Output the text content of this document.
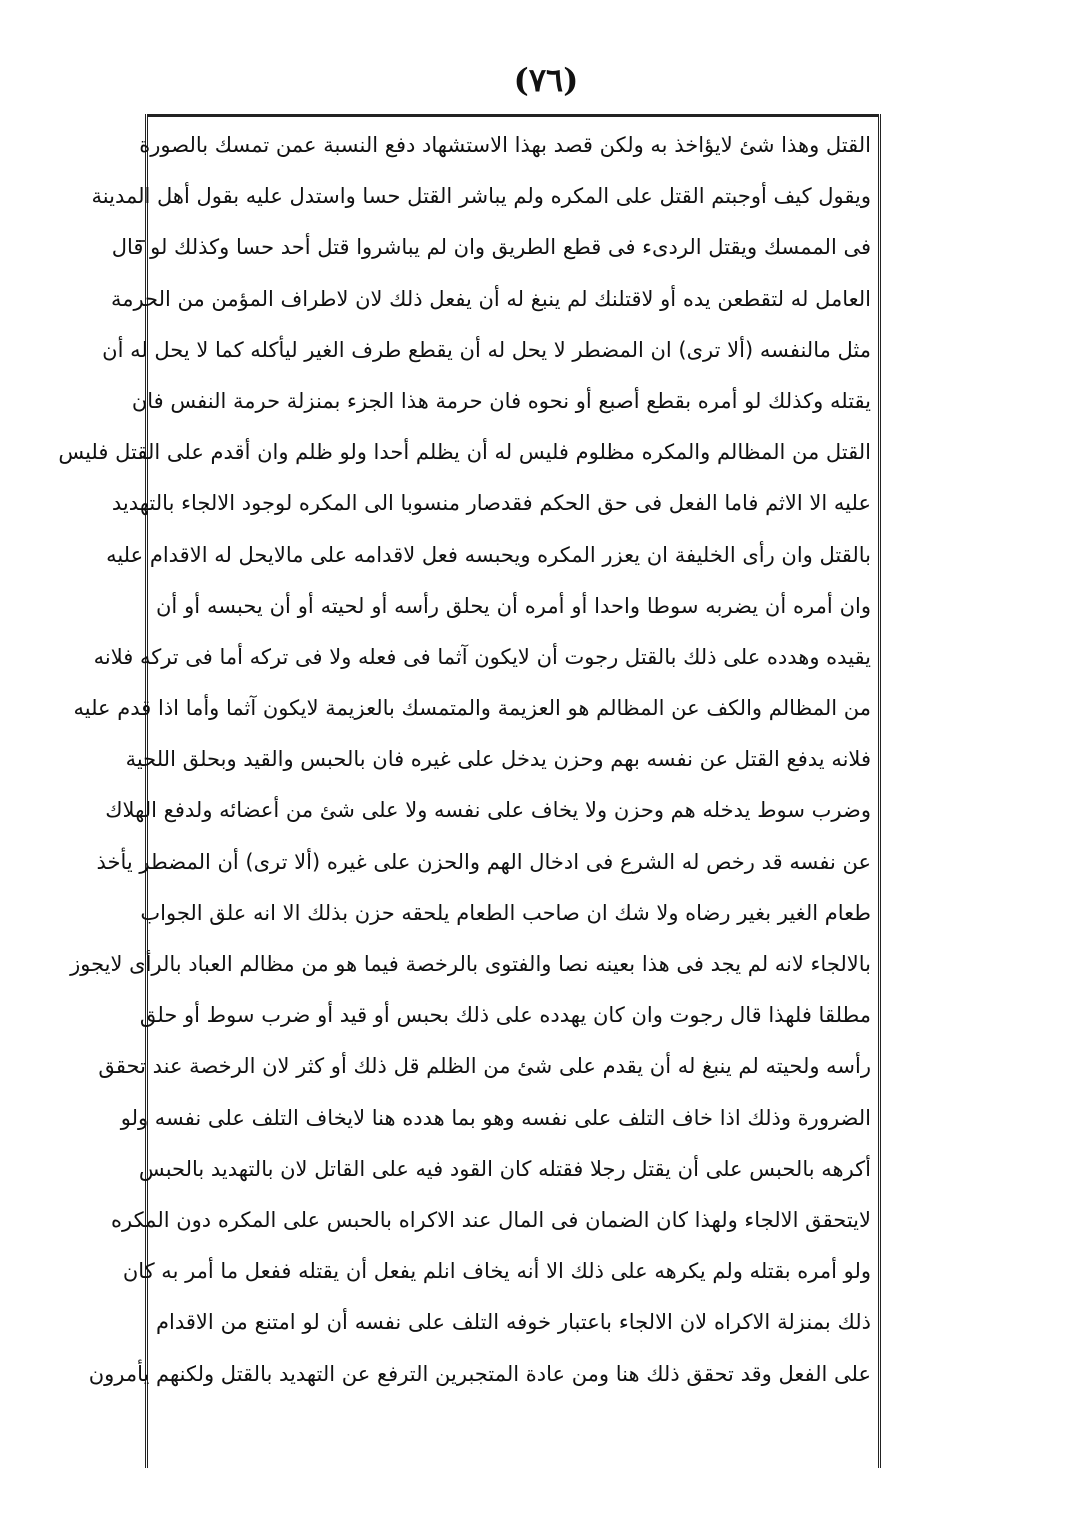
(٧٦)
القتل وهذا شئ لايؤاخذ به ولكن قصد بهذا الاستشهاد دفع النسبة عمن تمسك بالصورة
ويقول كيف أوجبتم القتل على المكره ولم يباشر القتل حسا واستدل عليه بقول أهل المدينة
فى الممسك ويقتل الردىء فى قطع الطريق وان لم يباشروا قتل أحد حسا وكذلك لو قال
العامل له لتقطعن يده أو لاقتلنك لم ينبغ له أن يفعل ذلك لان لاطراف المؤمن من الحرمة
مثل مالنفسه (ألا ترى) ان المضطر لا يحل له أن يقطع طرف الغير ليأكله كما لا يحل له أن
يقتله وكذلك لو أمره بقطع أصبع أو نحوه فان حرمة هذا الجزء بمنزلة حرمة النفس فان
القتل من المظالم والمكره مظلوم فليس له أن يظلم أحدا ولو ظلم وان أقدم على القتل فليس
عليه الا الاثم فاما الفعل فى حق الحكم فقدصار منسوبا الى المكره لوجود الالجاء بالتهديد
بالقتل وان رأى الخليفة ان يعزر المكره ويحبسه فعل لاقدامه على مالايحل له الاقدام عليه
وان أمره أن يضربه سوطا واحدا أو أمره أن يحلق رأسه أو لحيته أو أن يحبسه أو أن
يقيده وهدده على ذلك بالقتل رجوت أن لايكون آثما فى فعله ولا فى تركه أما فى تركه فلانه
من المظالم والكف عن المظالم هو العزيمة والمتمسك بالعزيمة لايكون آثما وأما اذا قدم عليه
فلانه يدفع القتل عن نفسه بهم وحزن يدخل على غيره فان بالحبس والقيد وبحلق اللحية
وضرب سوط يدخله هم وحزن ولا يخاف على نفسه ولا على شئ من أعضائه ولدفع الهلاك
عن نفسه قد رخص له الشرع فى ادخال الهم والحزن على غيره (ألا ترى) أن المضطر يأخذ
طعام الغير بغير رضاه ولا شك ان صاحب الطعام يلحقه حزن بذلك الا انه علق الجواب
بالالجاء لانه لم يجد فى هذا بعينه نصا والفتوى بالرخصة فيما هو من مظالم العباد بالرأى لايجوز
مطلقا فلهذا قال رجوت وان كان يهدده على ذلك بحبس أو قيد أو ضرب سوط أو حلق
رأسه ولحيته لم ينبغ له أن يقدم على شئ من الظلم قل ذلك أو كثر لان الرخصة عند تحقق
الضرورة وذلك اذا خاف التلف على نفسه وهو بما هدده هنا لايخاف التلف على نفسه ولو
أكرهه بالحبس على أن يقتل رجلا فقتله كان القود فيه على القاتل لان بالتهديد بالحبس
لايتحقق الالجاء ولهذا كان الضمان فى المال عند الاكراه بالحبس على المكره دون المكره
ولو أمره بقتله ولم يكرهه على ذلك الا أنه يخاف انلم يفعل أن يقتله ففعل ما أمر به كان
ذلك بمنزلة الاكراه لان الالجاء باعتبار خوفه التلف على نفسه أن لو امتنع من الاقدام
على الفعل وقد تحقق ذلك هنا ومن عادة المتجبرين الترفع عن التهديد بالقتل ولكنهم يأمرون
